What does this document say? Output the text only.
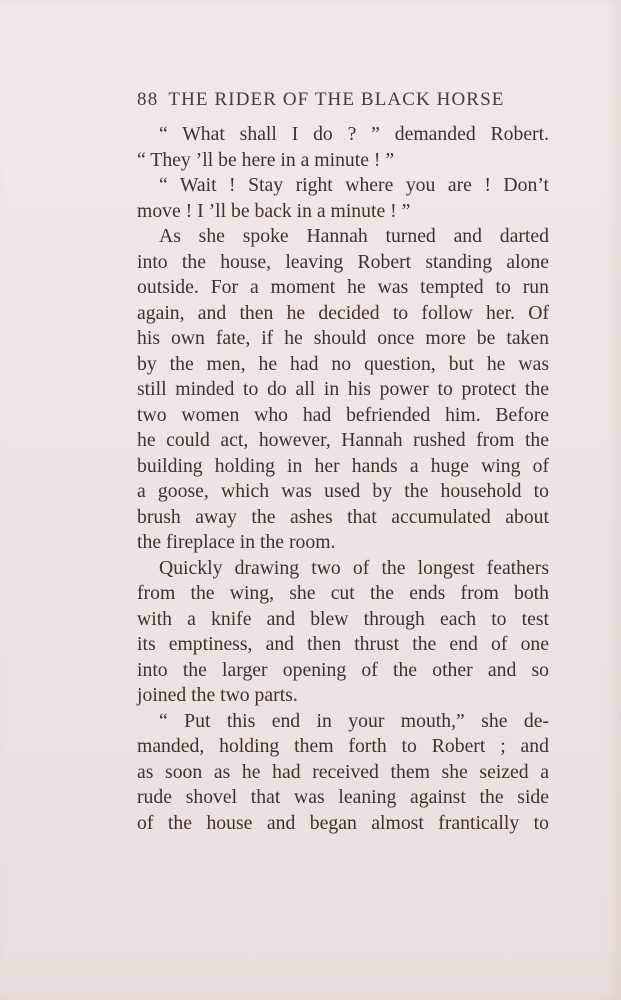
88 THE RIDER OF THE BLACK HORSE

“ What shall I do ? ” demanded Robert.
“ They ’ll be here in a minute ! ”

“ Wait ! Stay right where you are ! Don’t
move ! I ’ll be back in a minute ! ”

As she spoke Hannah turned and darted
into the house, leaving Robert standing alone
outside. For a moment he was tempted to run
again, and then he decided to follow her. Of
his own fate, if he should once more be taken
by the men, he had no question, but he was
still minded to do all in his power to protect the
two women who had befriended him. Before
he could act, however, Hannah rushed from the
building holding in her hands a huge wing of
a goose, which was used by the household to
brush away the ashes that accumulated about
the fireplace in the room.

Quickly drawing two of the longest feathers
from the wing, she cut the ends from both
with a knife and blew through each to test
its emptiness, and then thrust the end of one
into the larger opening of the other and so
joined the two parts.

“ Put this end in your mouth,” she de-
manded, holding them forth to Robert ; and
as soon as he had received them she seized a
rude shovel that was leaning against the side
of the house and began almost frantically to
